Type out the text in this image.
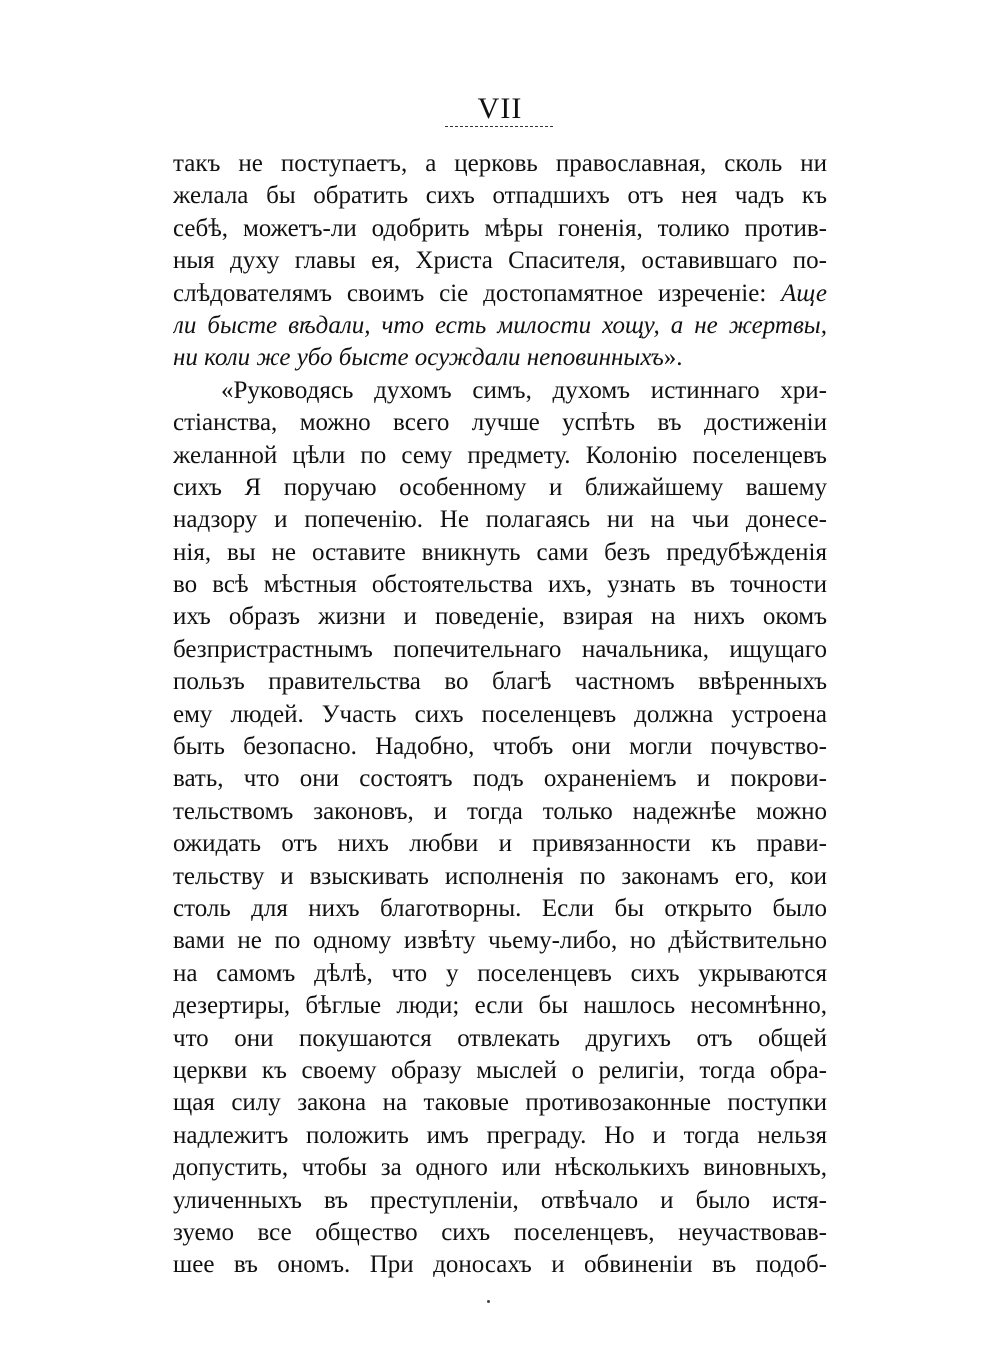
VII
такъ не поступаетъ, а церковь православная, сколь ни
желала бы обратить сихъ отпадшихъ отъ нея чадъ къ
себѣ, можетъ-ли одобрить мѣры гоненія, толико против-
ныя духу главы ея, Христа Спасителя, оставившаго по-
слѣдователямъ своимъ сіе достопамятное изреченіе: Аще
ли бысте вѣдали, что есть милости хощу, а не жертвы,
ни коли же убо бысте осуждали неповинныхъ».
«Руководясь духомъ симъ, духомъ истиннаго хри-
стіанства, можно всего лучше успѣть въ достиженіи
желанной цѣли по сему предмету. Колонію поселенцевъ
сихъ Я поручаю особенному и ближайшему вашему
надзору и попеченію. Не полагаясь ни на чьи донесе-
нія, вы не оставите вникнуть сами безъ предубѣжденія
во всѣ мѣстныя обстоятельства ихъ, узнать въ точности
ихъ образъ жизни и поведеніе, взирая на нихъ окомъ
безпристрастнымъ попечительнаго начальника, ищущаго
пользъ правительства во благѣ частномъ ввѣренныхъ
ему людей. Участь сихъ поселенцевъ должна устроена
быть безопасно. Надобно, чтобъ они могли почувство-
вать, что они состоятъ подъ охраненіемъ и покрови-
тельствомъ законовъ, и тогда только надежнѣе можно
ожидать отъ нихъ любви и привязанности къ прави-
тельству и взыскивать исполненія по законамъ его, кои
столь для нихъ благотворны. Если бы открыто было
вами не по одному извѣту чьему-либо, но дѣйствительно
на самомъ дѣлѣ, что у поселенцевъ сихъ укрываются
дезертиры, бѣглые люди; если бы нашлось несомнѣнно,
что они покушаются отвлекать другихъ отъ общей
церкви къ своему образу мыслей о религіи, тогда обра-
щая силу закона на таковые противозаконные поступки
надлежитъ положить имъ преграду. Но и тогда нельзя
допустить, чтобы за одного или нѣсколькихъ виновныхъ,
уличенныхъ въ преступленіи, отвѣчало и было истя-
зуемо все общество сихъ поселенцевъ, неучаствовав-
шее въ ономъ. При доносахъ и обвиненіи въ подоб-
